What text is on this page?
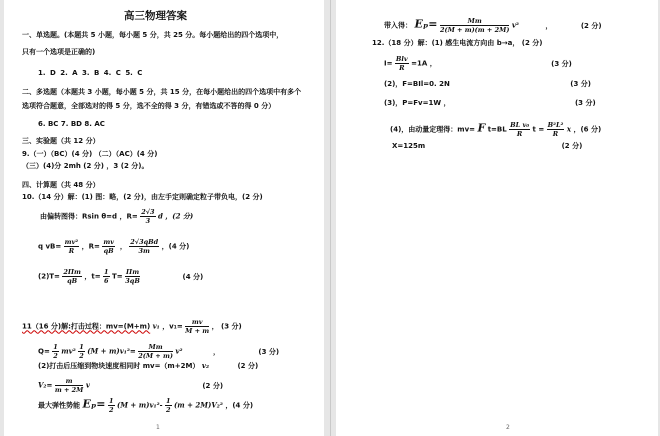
高三物理答案
一、单选题。(本题共 5 小题，每小题 5 分，共 25 分。每小题给出的四个选项中，
只有一个选项是正确的)
1. D 2. A 3. B 4. C 5. C
二、多选题（本题共 3 小题，每小题 5 分，共 15 分，在每小题给出的四个选项中有多个
选项符合题意，全部选对的得 5 分，选不全的得 3 分，有错选或不答的得 0 分）
6. BC 7. BD 8. AC
三、实验题（共 12 分）
9.（一）（BC）(4 分) （二）（AC）(4 分)
（三）(4)分 2mh (2 分) ，3 (2 分)。
四、计算题（共 48 分）
10.（14 分）解：(1) 图：略，(2 分)，由左手定则确定粒子带负电，(2 分)
由偏转图得：Rsin θ=d ，$R= \frac{2√3}{3}$ d ，(2 分)
q $vB= \frac{\text{mv²}}{R}$ ，$R= \frac{mv}{qB}$ ， $\frac{\text{2√3qBd}}{3m}$ ，(4 分)
$(2)T= \frac{2\Pi m}{qB}$ ，$t= \frac{1}{6} T= \frac{\Pi m}{3qB}$	(4 分)
11（16 分)解:打击过程：mv=(M+m) v₁ ，$v_1= \frac{mv}{M + m}$ ， (3 分)
$Q= \frac{1}{2} mv^2 \frac{1}{2} (M + m)v_1^2= \frac{Mm}{2(M + m)} v^2$	，	(3 分)
(2)打击后压缩到物块速度相同时 mv=（m+2M） v₂	(2 分)
$V_2= \frac{m}{m + 2M}$ v	(2 分)
最大弹性势能 $E_p= \frac{1}{2} (M + m)v_1^2- \frac{1}{2} (m + 2M)V_2^2$ ，(4 分)
1
带入得： $E_p= \frac{Mm}{2(M + m)(m + 2M)} v^2$	，	(2 分)
12.（18 分）解：(1) 感生电流方向由 b→a， (2 分)
$I= \frac{\text{Blv}}{R} =1A$ ，	(3 分)
(2)，F=BIl=0. 2N	(3 分)
(3)，P=Fv=1W ，	(3 分)
(4)，由动量定理得：mv= F $t=BL \frac{\text{BL v₀}}{R}$ $t = \frac{\text{B²L²}}{R}$ x ，(6 分)
X=125m	(2 分)
2
